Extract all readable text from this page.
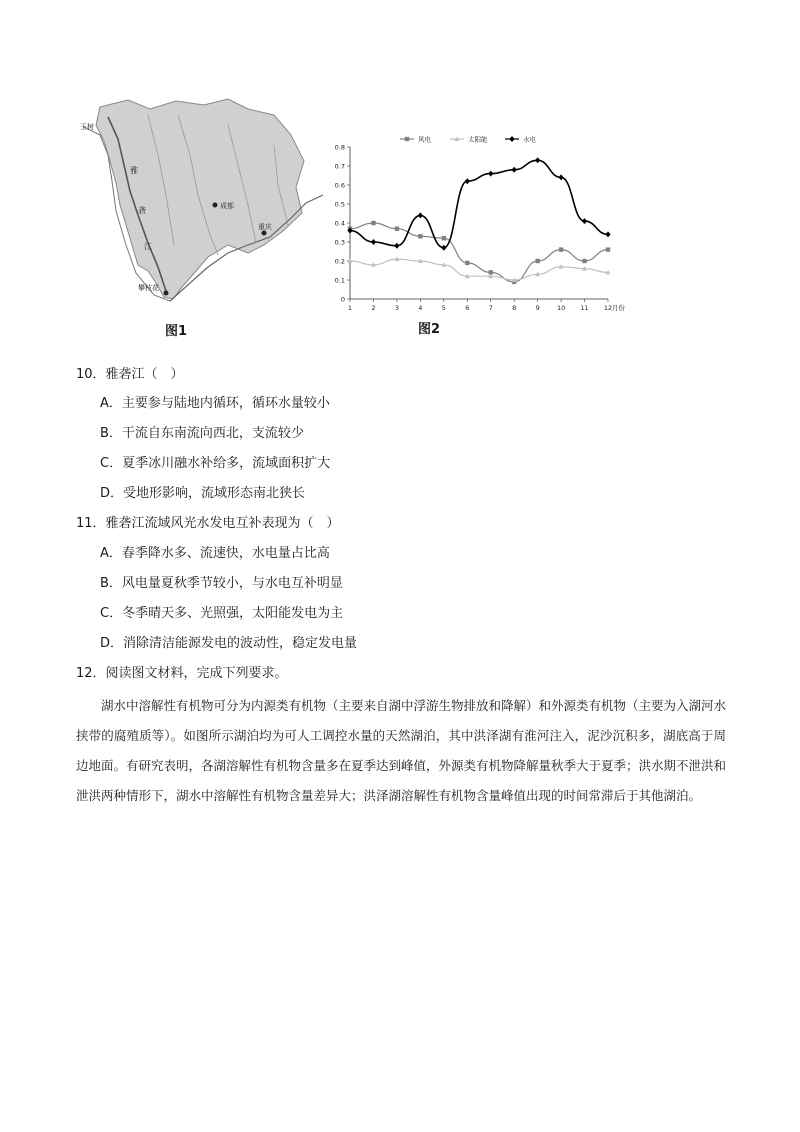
玉树
雅
砻
江
成都
重庆
攀枝花
图1
0
0.1
0.2
0.3
0.4
0.5
0.6
0.7
0.8
1	2	3	4	5	6	7	8	9	10 11 12 月份
风电	太阳能	水电
图2
10．雅砻江（　）
A．主要参与陆地内循环，循环水量较小
B．干流自东南流向西北，支流较少
C．夏季冰川融水补给多，流域面积扩大
D．受地形影响，流域形态南北狭长
11．雅砻江流域风光水发电互补表现为（　）
A．春季降水多、流速快，水电量占比高
B．风电量夏秋季节较小，与水电互补明显
C．冬季晴天多、光照强，太阳能发电为主
D．消除清洁能源发电的波动性，稳定发电量
12．阅读图文材料，完成下列要求。
湖水中溶解性有机物可分为内源类有机物（主要来自湖中浮游生物排放和降解）和外源类有机物（主要为入湖河水挟带的腐殖质等）。如图所示湖泊均为可人工调控水量的天然湖泊，其中洪泽湖有淮河注入，泥沙沉积多，湖底高于周边地面。有研究表明，各湖溶解性有机物含量多在夏季达到峰值，外源类有机物降解量秋季大于夏季；洪水期不泄洪和泄洪两种情形下，湖水中溶解性有机物含量差异大；洪泽湖溶解性有机物含量峰值出现的时间常滞后于其他湖泊。
